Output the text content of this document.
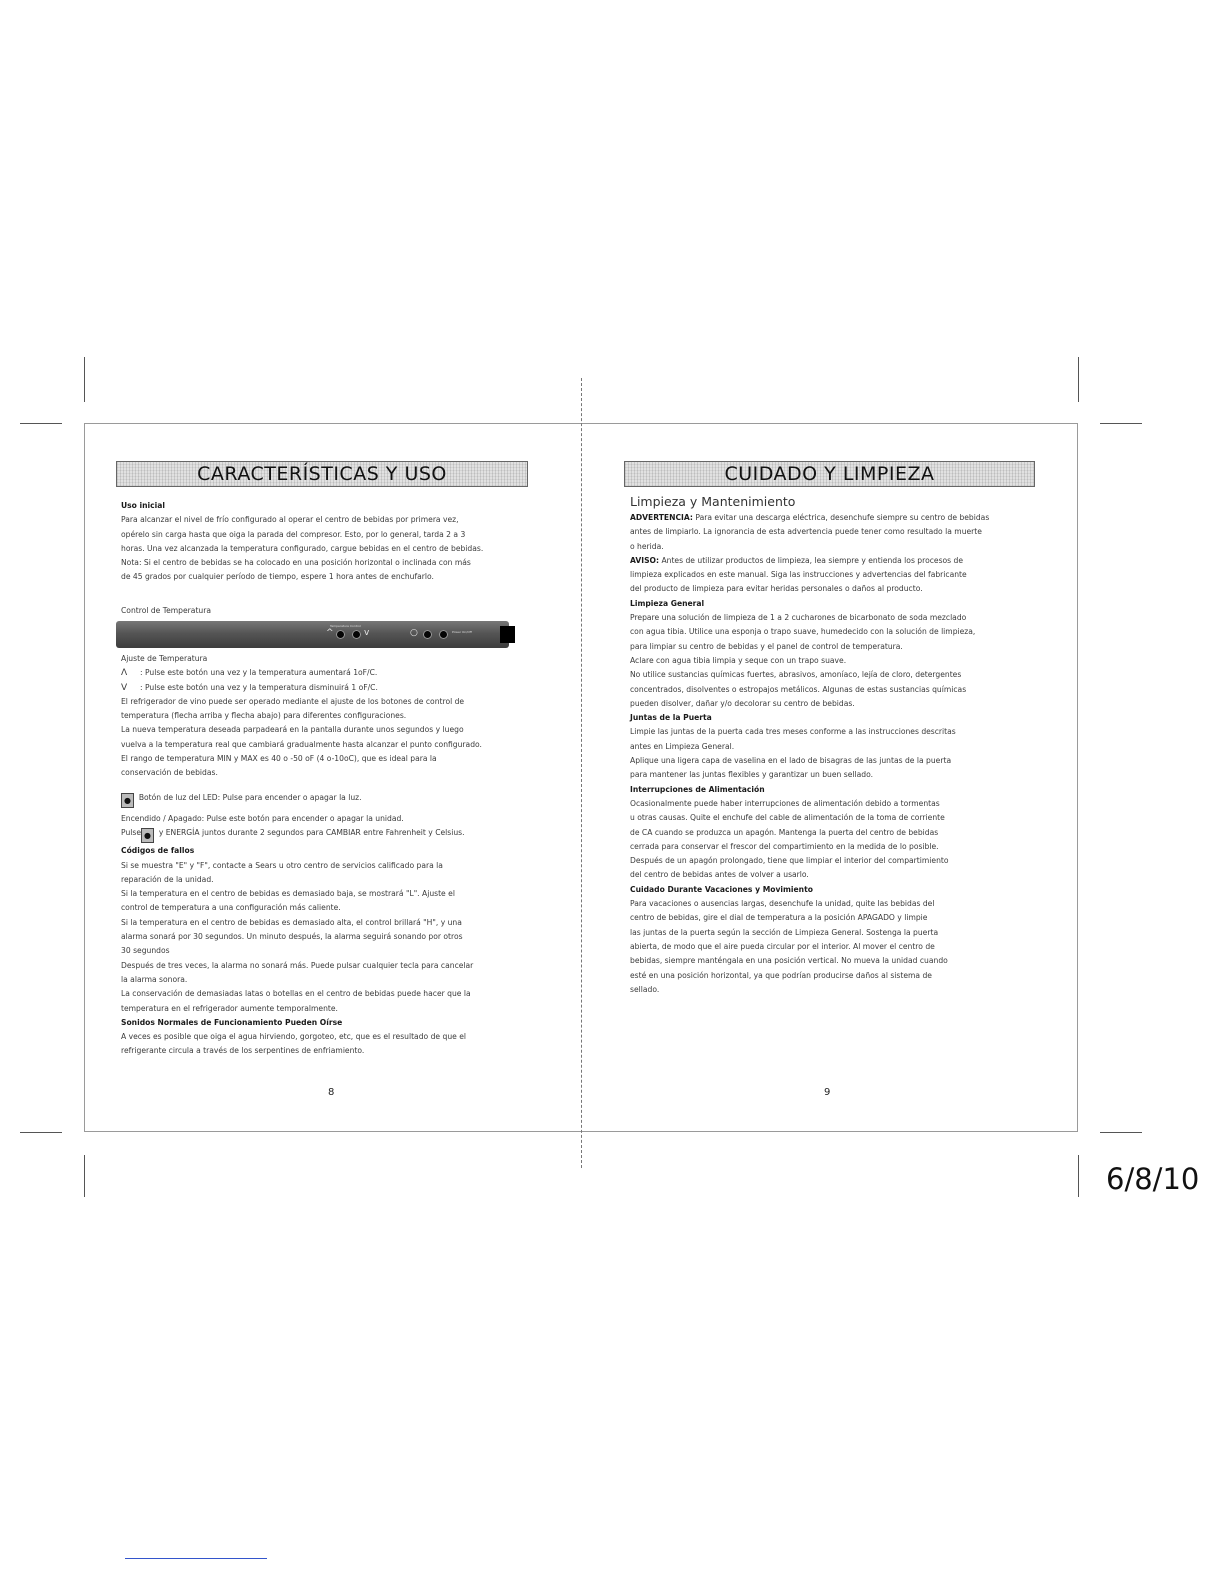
CARACTERÍSTICAS Y USO

Uso inicial

Para alcanzar el nivel de frío configurado al operar el centro de bebidas por primera vez,

opérelo sin carga hasta que oiga la parada del compresor. Esto, por lo general, tarda 2 a 3

horas. Una vez alcanzada la temperatura configurado, cargue bebidas en el centro de bebidas.

Nota: Si el centro de bebidas se ha colocado en una posición horizontal o inclinada con más

de 45 grados por cualquier período de tiempo, espere 1 hora antes de enchufarlo.

Control de Temperatura

Temperature Control
^	v	○	Power On/Off

Ajuste de Temperatura

Λ : Pulse este botón una vez y la temperatura aumentará 1oF/C.

V : Pulse este botón una vez y la temperatura disminuirá 1 oF/C.

El refrigerador de vino puede ser operado mediante el ajuste de los botones de control de

temperatura (flecha arriba y flecha abajo) para diferentes configuraciones.

La nueva temperatura deseada parpadeará en la pantalla durante unos segundos y luego

vuelva a la temperatura real que cambiará gradualmente hasta alcanzar el punto configurado.

El rango de temperatura MIN y MAX es 40 o -50 oF (4 o-10oC), que es ideal para la

conservación de bebidas.

● Botón de luz del LED: Pulse para encender o apagar la luz.

Encendido / Apagado: Pulse este botón para encender o apagar la unidad.

Pulse ● y ENERGÍA juntos durante 2 segundos para CAMBIAR entre Fahrenheit y Celsius.

Códigos de fallos

Si se muestra "E" y "F", contacte a Sears u otro centro de servicios calificado para la

reparación de la unidad.

Si la temperatura en el centro de bebidas es demasiado baja, se mostrará "L". Ajuste el

control de temperatura a una configuración más caliente.

Si la temperatura en el centro de bebidas es demasiado alta, el control brillará "H", y una

alarma sonará por 30 segundos. Un minuto después, la alarma seguirá sonando por otros

30 segundos

Después de tres veces, la alarma no sonará más. Puede pulsar cualquier tecla para cancelar

la alarma sonora.

La conservación de demasiadas latas o botellas en el centro de bebidas puede hacer que la

temperatura en el refrigerador aumente temporalmente.

Sonidos Normales de Funcionamiento Pueden Oírse

A veces es posible que oiga el agua hirviendo, gorgoteo, etc, que es el resultado de que el

refrigerante circula a través de los serpentines de enfriamiento.

8
CUIDADO Y LIMPIEZA

Limpieza y Mantenimiento

ADVERTENCIA: Para evitar una descarga eléctrica, desenchufe siempre su centro de bebidas

antes de limpiarlo. La ignorancia de esta advertencia puede tener como resultado la muerte

o herida.

AVISO: Antes de utilizar productos de limpieza, lea siempre y entienda los procesos de

limpieza explicados en este manual. Siga las instrucciones y advertencias del fabricante

del producto de limpieza para evitar heridas personales o daños al producto.

Limpieza General

Prepare una solución de limpieza de 1 a 2 cucharones de bicarbonato de soda mezclado

con agua tibia. Utilice una esponja o trapo suave, humedecido con la solución de limpieza,

para limpiar su centro de bebidas y el panel de control de temperatura.

Aclare con agua tibia limpia y seque con un trapo suave.

No utilice sustancias químicas fuertes, abrasivos, amoníaco, lejía de cloro, detergentes

concentrados, disolventes o estropajos metálicos. Algunas de estas sustancias químicas

pueden disolver, dañar y/o decolorar su centro de bebidas.

Juntas de la Puerta

Limpie las juntas de la puerta cada tres meses conforme a las instrucciones descritas

antes en Limpieza General.

Aplique una ligera capa de vaselina en el lado de bisagras de las juntas de la puerta

para mantener las juntas flexibles y garantizar un buen sellado.

Interrupciones de Alimentación

Ocasionalmente puede haber interrupciones de alimentación debido a tormentas

u otras causas. Quite el enchufe del cable de alimentación de la toma de corriente

de CA cuando se produzca un apagón. Mantenga la puerta del centro de bebidas

cerrada para conservar el frescor del compartimiento en la medida de lo posible.

Después de un apagón prolongado, tiene que limpiar el interior del compartimiento

del centro de bebidas antes de volver a usarlo.

Cuidado Durante Vacaciones y Movimiento

Para vacaciones o ausencias largas, desenchufe la unidad, quite las bebidas del

centro de bebidas, gire el dial de temperatura a la posición APAGADO y limpie

las juntas de la puerta según la sección de Limpieza General. Sostenga la puerta

abierta, de modo que el aire pueda circular por el interior. Al mover el centro de

bebidas, siempre manténgala en una posición vertical. No mueva la unidad cuando

esté en una posición horizontal, ya que podrían producirse daños al sistema de

sellado.

9
6/8/10
